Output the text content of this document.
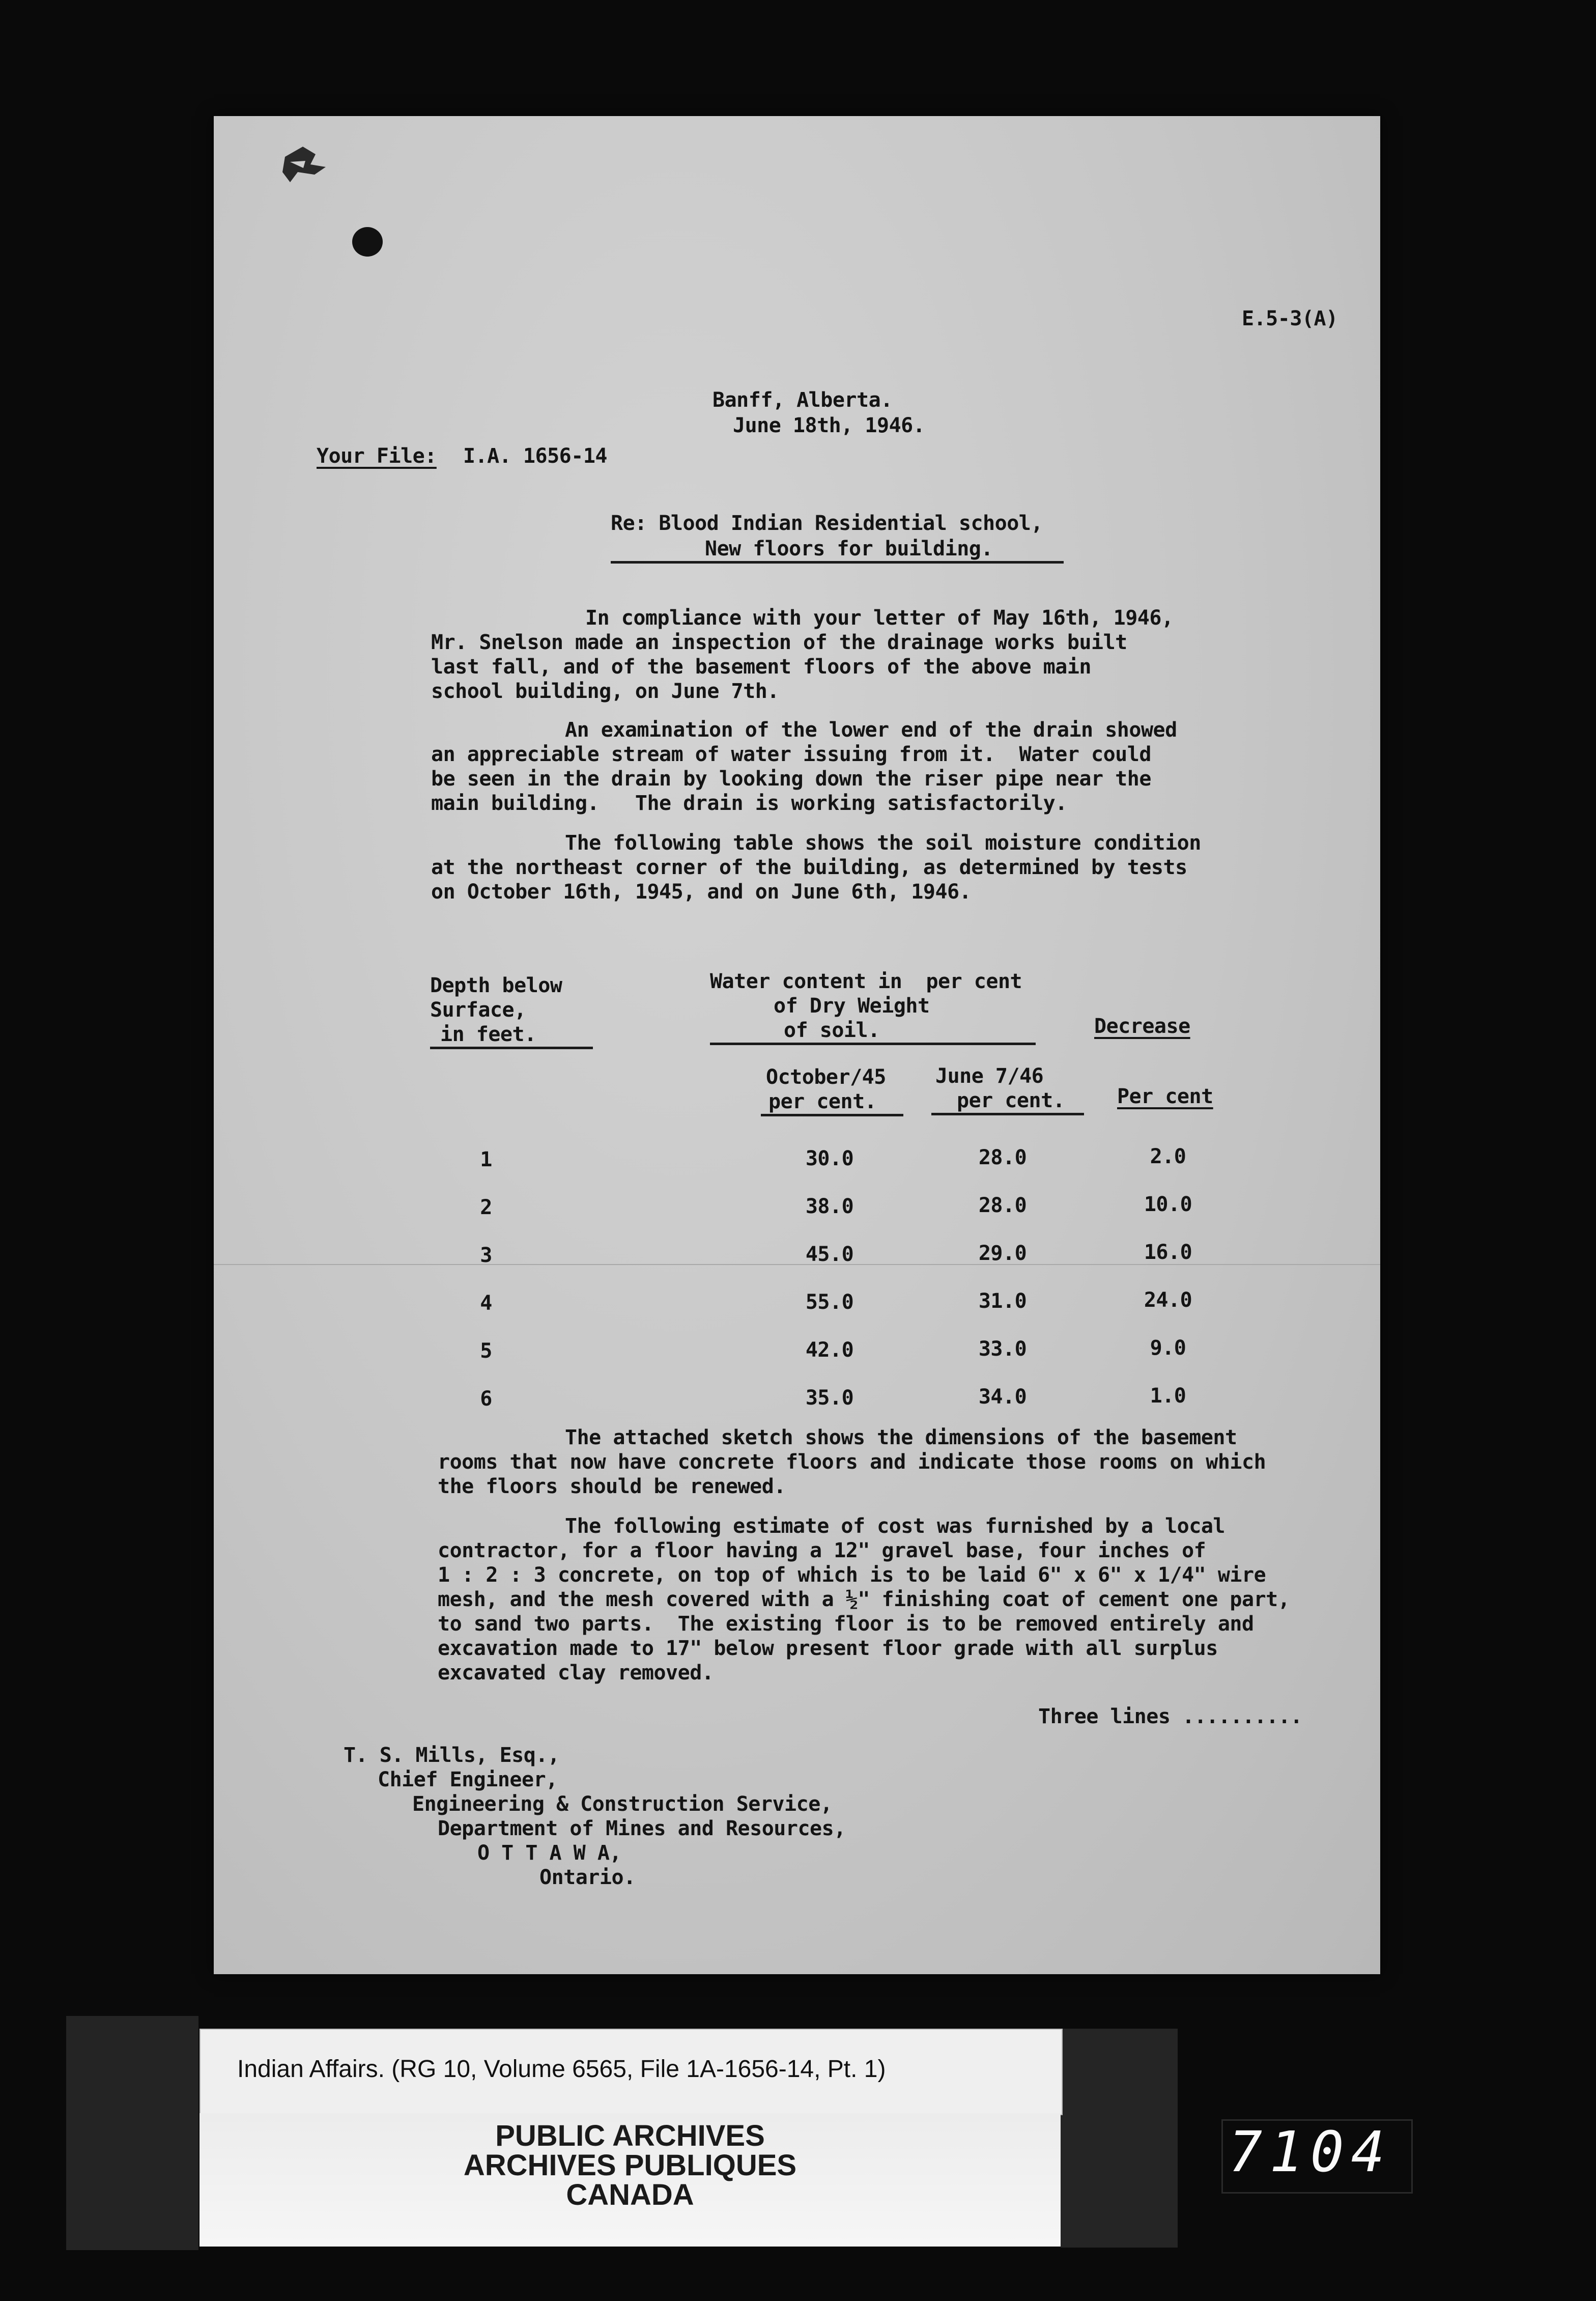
E.5-3(A)

Banff, Alberta.

June 18th, 1946.

Your File: I.A. 1656-14

Re: Blood Indian Residential school,

New floors for building.

In compliance with your letter of May 16th, 1946,

Mr. Snelson made an inspection of the drainage works built

last fall, and of the basement floors of the above main

school building, on June 7th.

An examination of the lower end of the drain showed

an appreciable stream of water issuing from it.  Water could

be seen in the drain by looking down the riser pipe near the

main building.   The drain is working satisfactorily.

The following table shows the soil moisture condition

at the northeast corner of the building, as determined by tests

on October 16th, 1945, and on June 6th, 1946.

Depth below

Surface,

in feet.

Water content in  per cent

of Dry Weight

of soil.	Decrease

October/45

per cent.

June 7/46

per cent.	Per cent

1	30.0	28.0	2.0

2	38.0	28.0	10.0

3	45.0	29.0	16.0

4	55.0	31.0	24.0

5	42.0	33.0	9.0

6	35.0	34.0	1.0

The attached sketch shows the dimensions of the basement

rooms that now have concrete floors and indicate those rooms on which

the floors should be renewed.

The following estimate of cost was furnished by a local

contractor, for a floor having a 12" gravel base, four inches of

1 : 2 : 3 concrete, on top of which is to be laid 6" x 6" x 1/4" wire

mesh, and the mesh covered with a ½" finishing coat of cement one part,

to sand two parts.  The existing floor is to be removed entirely and

excavation made to 17" below present floor grade with all surplus

excavated clay removed.

Three lines ..........

T. S. Mills, Esq.,

Chief Engineer,

Engineering & Construction Service,

Department of Mines and Resources,

O T T A W A,

Ontario.

Indian Affairs. (RG 10, Volume 6565, File 1A-1656-14, Pt. 1)

PUBLIC ARCHIVES

ARCHIVES PUBLIQUES

CANADA

7104
